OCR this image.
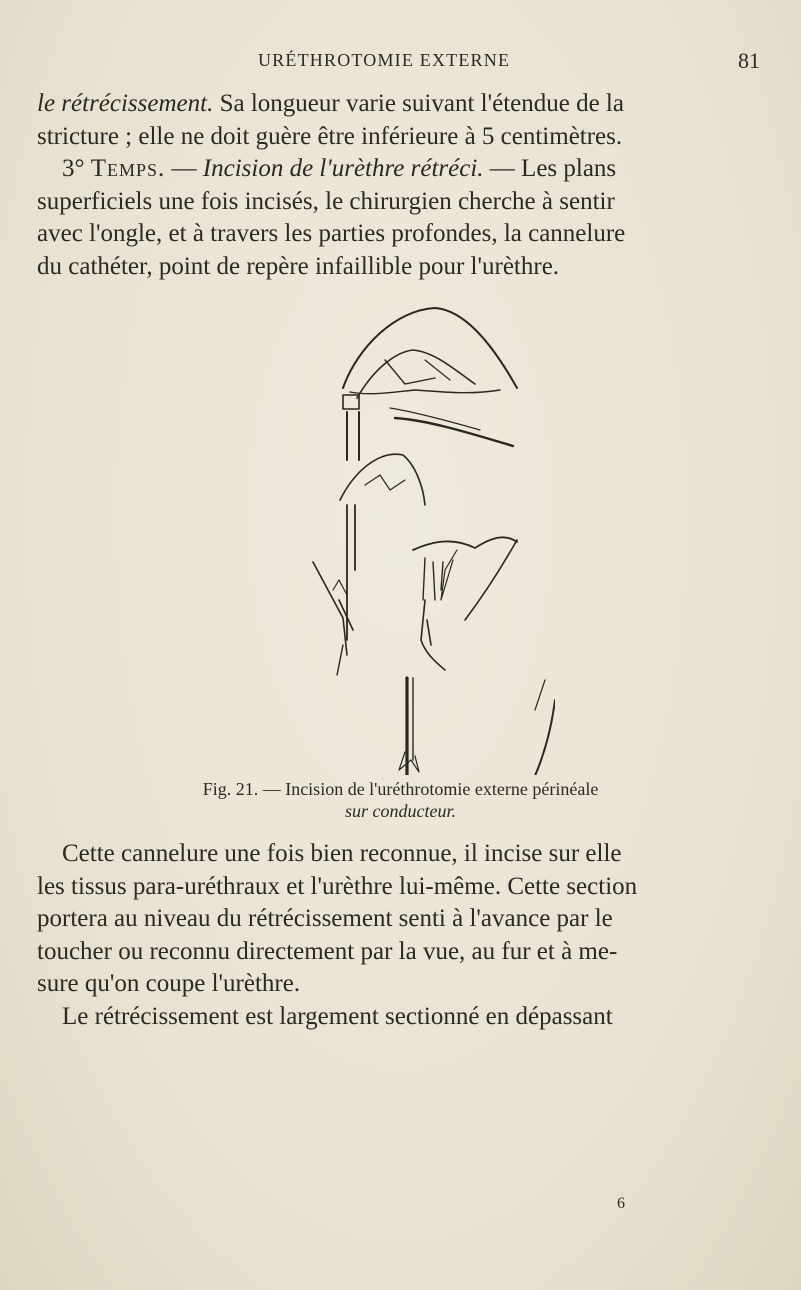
URÉTHROTOMIE EXTERNE	81

le rétrécissement. Sa longueur varie suivant l'étendue de la

stricture ; elle ne doit guère être inférieure à 5 centimètres.

3° Temps. — Incision de l'urèthre rétréci. — Les plans

superficiels une fois incisés, le chirurgien cherche à sentir

avec l'ongle, et à travers les parties profondes, la cannelure

du cathéter, point de repère infaillible pour l'urèthre.

Fig. 21. — Incision de l'uréthrotomie externe périnéale
sur conducteur.

Cette cannelure une fois bien reconnue, il incise sur elle

les tissus para-uréthraux et l'urèthre lui-même. Cette section

portera au niveau du rétrécissement senti à l'avance par le

toucher ou reconnu directement par la vue, au fur et à me-

sure qu'on coupe l'urèthre.

Le rétrécissement est largement sectionné en dépassant

6
